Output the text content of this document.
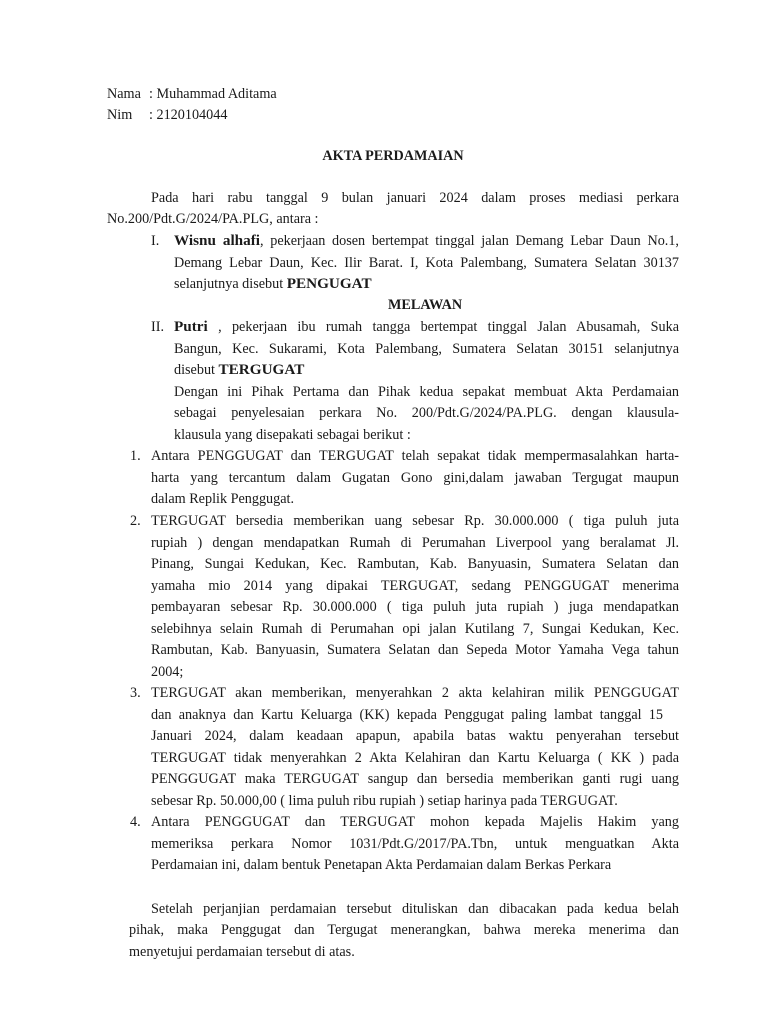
Nama : Muhammad Aditama
Nim : 2120104044
AKTA PERDAMAIAN
Pada hari rabu tanggal 9 bulan januari 2024 dalam proses mediasi perkara
No.200/Pdt.G/2024/PA.PLG, antara :
I. Wisnu alhafi, pekerjaan dosen bertempat tinggal jalan Demang Lebar Daun No.1,
Demang Lebar Daun, Kec. Ilir Barat. I, Kota Palembang, Sumatera Selatan 30137
selanjutnya disebut PENGUGAT
MELAWAN
II. Putri , pekerjaan ibu rumah tangga bertempat tinggal Jalan Abusamah, Suka
Bangun, Kec. Sukarami, Kota Palembang, Sumatera Selatan 30151 selanjutnya
disebut TERGUGAT
Dengan ini Pihak Pertama dan Pihak kedua sepakat membuat Akta Perdamaian
sebagai penyelesaian perkara No. 200/Pdt.G/2024/PA.PLG. dengan klausula-
klausula yang disepakati sebagai berikut :
1. Antara PENGGUGAT dan TERGUGAT telah sepakat tidak mempermasalahkan harta-
harta yang tercantum dalam Gugatan Gono gini,dalam jawaban Tergugat maupun
dalam Replik Penggugat.
2. TERGUGAT bersedia memberikan uang sebesar Rp. 30.000.000 ( tiga puluh juta
rupiah ) dengan mendapatkan Rumah di Perumahan Liverpool yang beralamat Jl.
Pinang, Sungai Kedukan, Kec. Rambutan, Kab. Banyuasin, Sumatera Selatan dan
yamaha mio 2014 yang dipakai TERGUGAT, sedang PENGGUGAT menerima
pembayaran sebesar Rp. 30.000.000 ( tiga puluh juta rupiah ) juga mendapatkan
selebihnya selain Rumah di Perumahan opi jalan Kutilang 7, Sungai Kedukan, Kec.
Rambutan, Kab. Banyuasin, Sumatera Selatan dan Sepeda Motor Yamaha Vega tahun
2004;
3. TERGUGAT akan memberikan, menyerahkan 2 akta kelahiran milik PENGGUGAT
dan anaknya dan Kartu Keluarga (KK) kepada Penggugat paling lambat tanggal 15
Januari 2024, dalam keadaan apapun, apabila batas waktu penyerahan tersebut
TERGUGAT tidak menyerahkan 2 Akta Kelahiran dan Kartu Keluarga ( KK ) pada
PENGGUGAT maka TERGUGAT sangup dan bersedia memberikan ganti rugi uang
sebesar Rp. 50.000,00 ( lima puluh ribu rupiah ) setiap harinya pada TERGUGAT.
4. Antara PENGGUGAT dan TERGUGAT mohon kepada Majelis Hakim yang
memeriksa perkara Nomor 1031/Pdt.G/2017/PA.Tbn, untuk menguatkan Akta
Perdamaian ini, dalam bentuk Penetapan Akta Perdamaian dalam Berkas Perkara
Setelah perjanjian perdamaian tersebut dituliskan dan dibacakan pada kedua belah
pihak, maka Penggugat dan Tergugat menerangkan, bahwa mereka menerima dan
menyetujui perdamaian tersebut di atas.
